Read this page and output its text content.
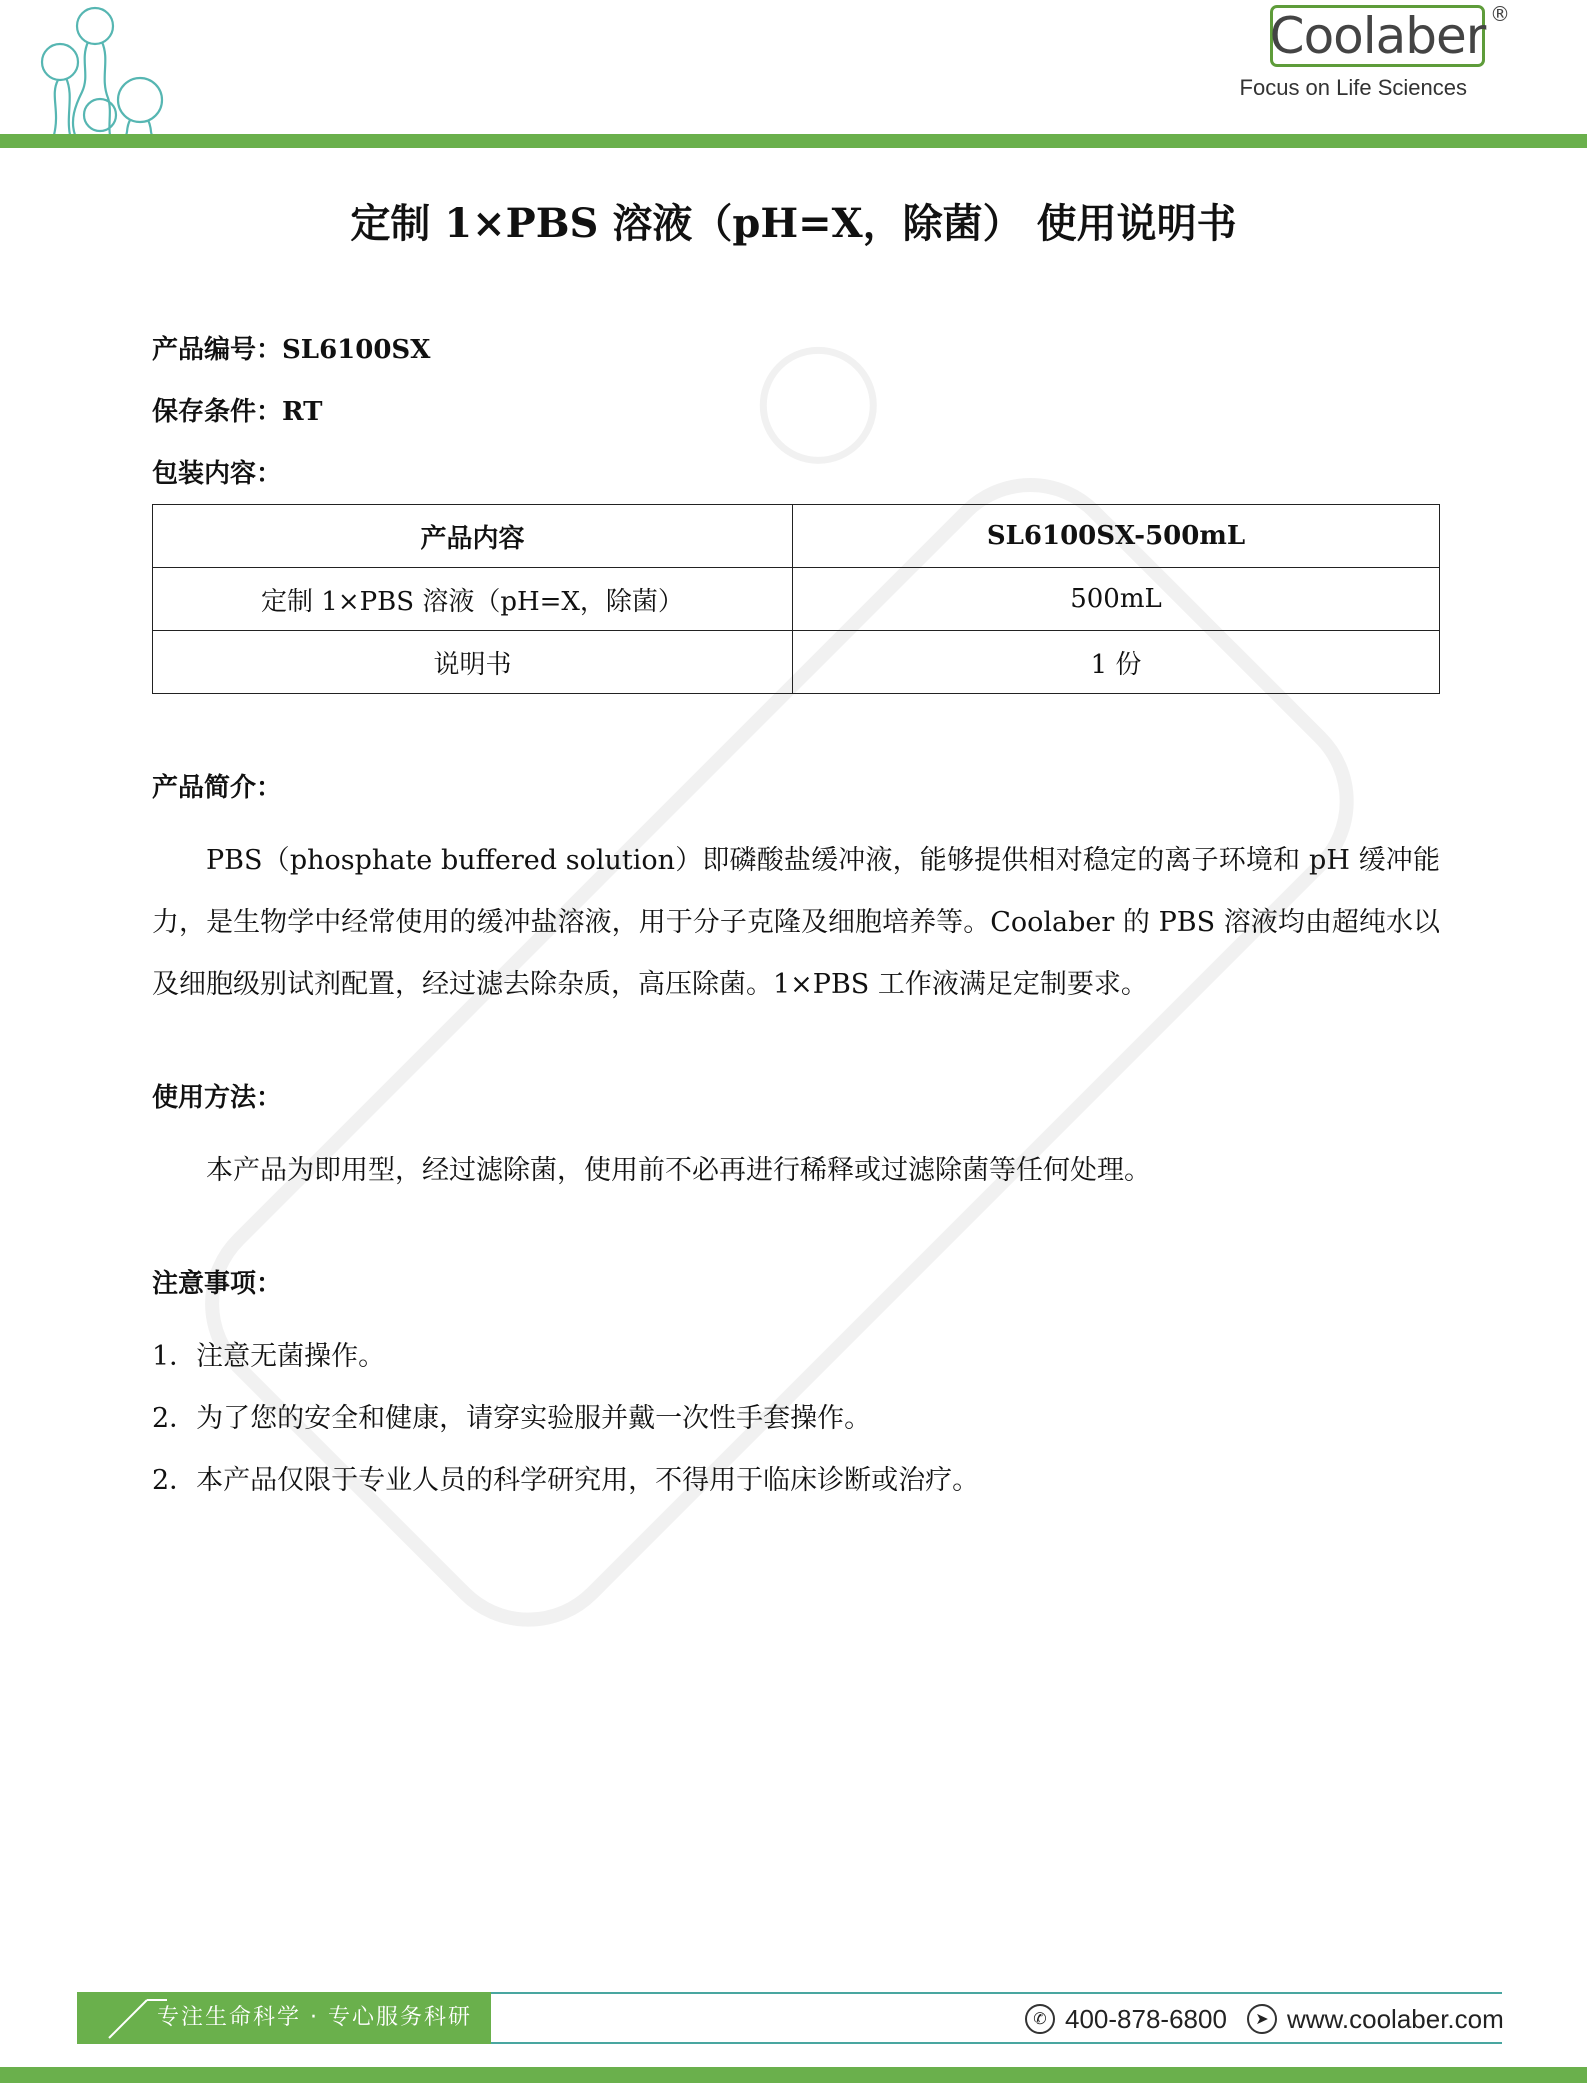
Coolaber ®
Focus on Life Sciences
定制 1×PBS 溶液（pH=X，除菌） 使用说明书
产品编号：SL6100SX
保存条件：RT
包装内容：
产品内容	SL6100SX-500mL
定制 1×PBS 溶液（pH=X，除菌）	500mL
说明书	1 份
产品简介：

PBS（phosphate buffered solution）即磷酸盐缓冲液，能够提供相对稳定的离子环境和 pH 缓冲能力，是生物学中经常使用的缓冲盐溶液，用于分子克隆及细胞培养等。Coolaber 的 PBS 溶液均由超纯水以及细胞级别试剂配置，经过滤去除杂质，高压除菌。1×PBS 工作液满足定制要求。

使用方法：

本产品为即用型，经过滤除菌，使用前不必再进行稀释或过滤除菌等任何处理。

注意事项：

1．注意无菌操作。

2．为了您的安全和健康，请穿实验服并戴一次性手套操作。

2．本产品仅限于专业人员的科学研究用，不得用于临床诊断或治疗。

专注生命科学 · 专心服务科研	✆ 400-878-6800	➤ www.coolaber.com
